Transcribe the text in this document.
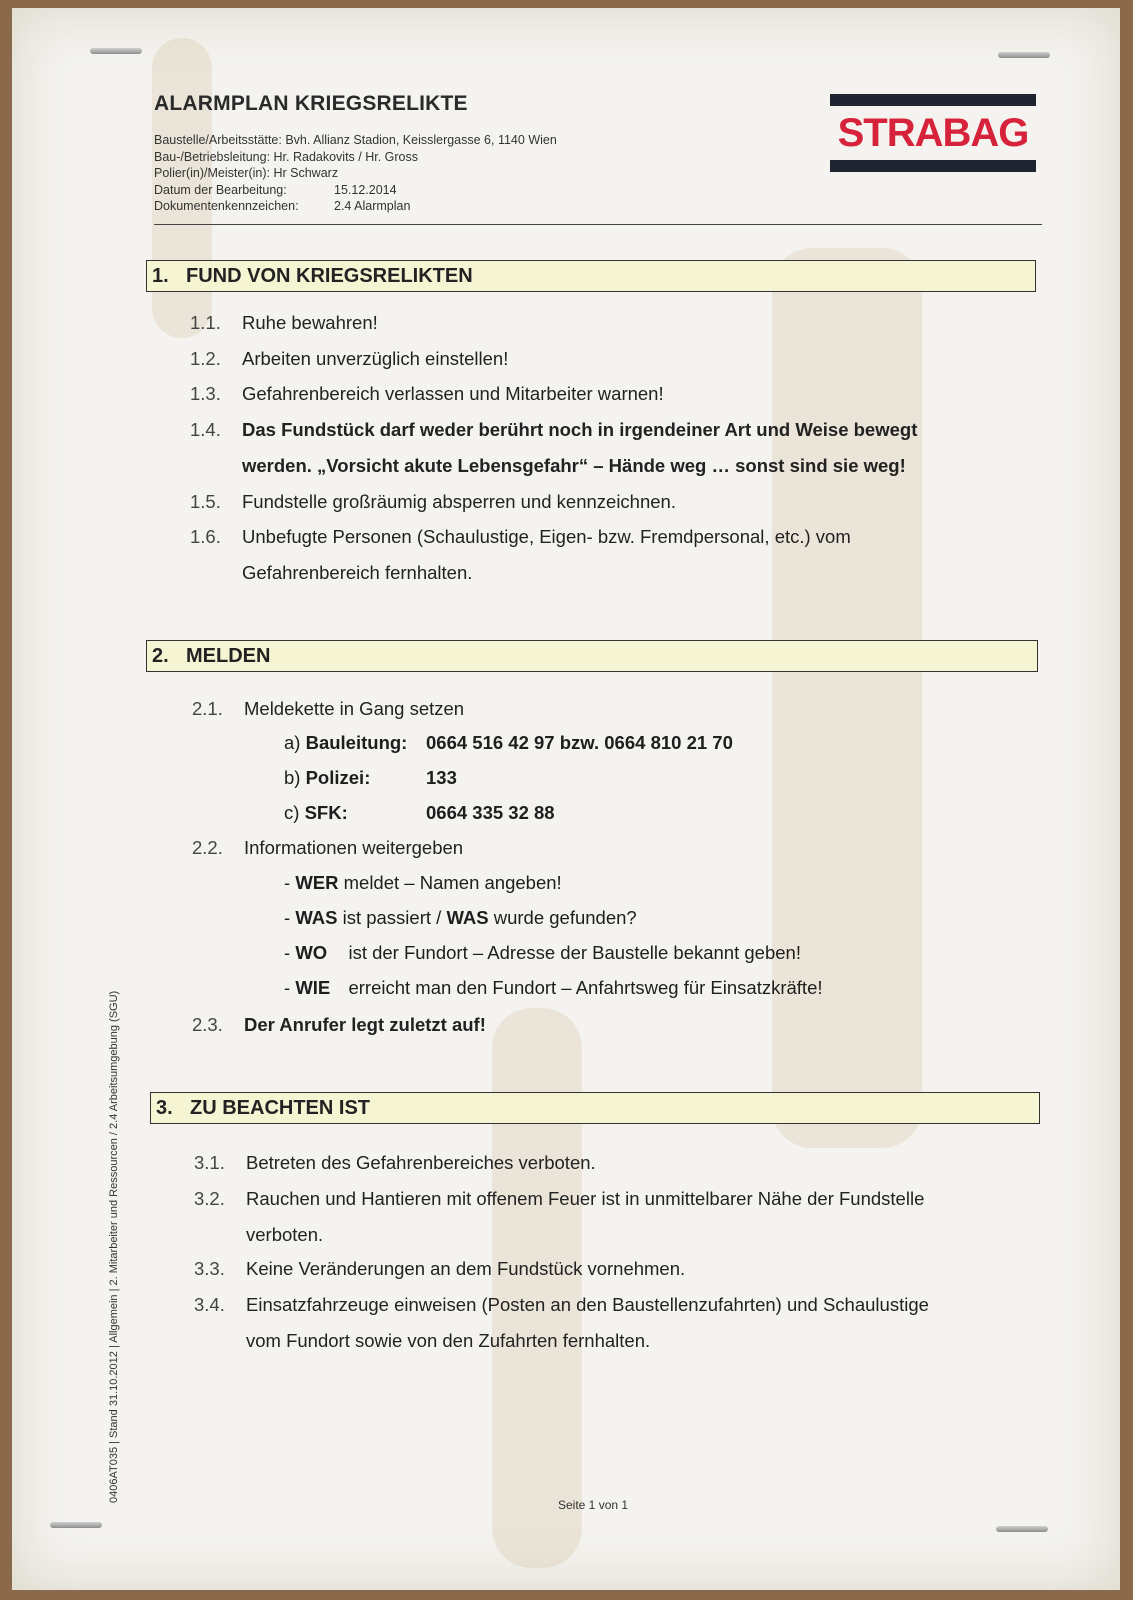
ALARMPLAN KRIEGSRELIKTE
Baustelle/Arbeitsstätte: Bvh. Allianz Stadion, Keisslergasse 6, 1140 Wien
Bau-/Betriebsleitung: Hr. Radakovits / Hr. Gross
Polier(in)/Meister(in): Hr Schwarz
Datum der Bearbeitung:	15.12.2014
Dokumentenkennzeichen:	2.4 Alarmplan
STRABAG
1. FUND VON KRIEGSRELIKTEN
1.1. Ruhe bewahren!
1.2. Arbeiten unverzüglich einstellen!
1.3. Gefahrenbereich verlassen und Mitarbeiter warnen!
1.4. Das Fundstück darf weder berührt noch in irgendeiner Art und Weise bewegt
werden. „Vorsicht akute Lebensgefahr“ – Hände weg … sonst sind sie weg!
1.5. Fundstelle großräumig absperren und kennzeichnen.
1.6. Unbefugte Personen (Schaulustige, Eigen- bzw. Fremdpersonal, etc.) vom
Gefahrenbereich fernhalten.
2. MELDEN
2.1. Meldekette in Gang setzen
a) Bauleitung: 0664 516 42 97 bzw. 0664 810 21 70
b) Polizei:	133
c) SFK:	0664 335 32 88
2.2. Informationen weitergeben
- WER meldet – Namen angeben!
- WAS ist passiert / WAS wurde gefunden?
- WO ist der Fundort – Adresse der Baustelle bekannt geben!
- WIE erreicht man den Fundort – Anfahrtsweg für Einsatzkräfte!
2.3. Der Anrufer legt zuletzt auf!
3. ZU BEACHTEN IST
3.1. Betreten des Gefahrenbereiches verboten.
3.2. Rauchen und Hantieren mit offenem Feuer ist in unmittelbarer Nähe der Fundstelle
verboten.
3.3. Keine Veränderungen an dem Fundstück vornehmen.
3.4. Einsatzfahrzeuge einweisen (Posten an den Baustellenzufahrten) und Schaulustige
vom Fundort sowie von den Zufahrten fernhalten.
0406AT035 | Stand 31.10.2012 | Allgemein | 2. Mitarbeiter und Ressourcen / 2.4 Arbeitsumgebung (SGU)
Seite 1 von 1
